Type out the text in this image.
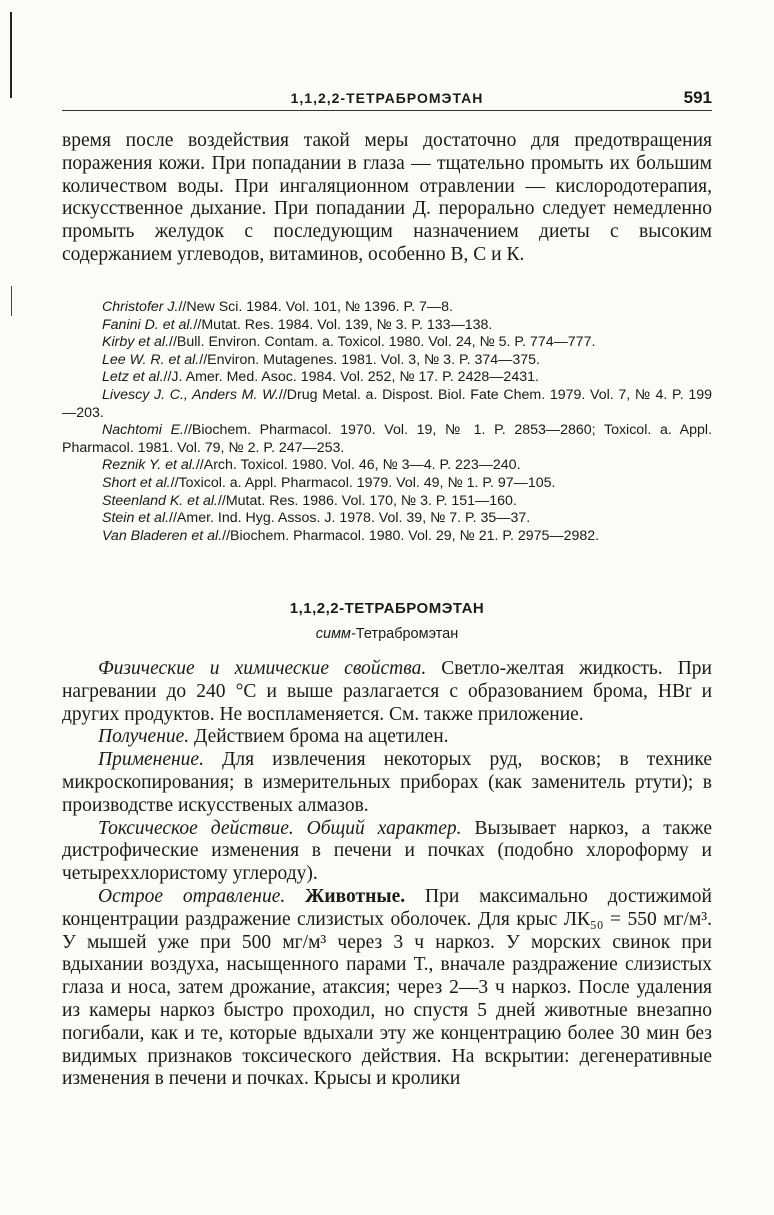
1,1,2,2-ТЕТРАБРОМЭТАН	591

время после воздействия такой меры достаточно для предотвращения поражения кожи. При попадании в глаза — тщательно промыть их большим количеством воды. При ингаляционном отравлении — кислородотерапия, искусственное дыхание. При попадании Д. перорально следует немедленно промыть желудок с последующим назначением диеты с высоким содержанием углеводов, витаминов, особенно В, С и К.

Christofer J.//New Sci. 1984. Vol. 101, № 1396. P. 7—8.

Fanini D. et al.//Mutat. Res. 1984. Vol. 139, № 3. P. 133—138.

Kirby et al.//Bull. Environ. Contam. a. Toxicol. 1980. Vol. 24, № 5. P. 774—777.

Lee W. R. et al.//Environ. Mutagenes. 1981. Vol. 3, № 3. P. 374—375.

Letz et al.//J. Amer. Med. Asoc. 1984. Vol. 252, № 17. P. 2428—2431.

Livescy J. C., Anders M. W.//Drug Metal. a. Dispost. Biol. Fate Chem. 1979. Vol. 7, № 4. P. 199—203.

Nachtomi E.//Biochem. Pharmacol. 1970. Vol. 19, № 1. P. 2853—2860; Toxicol. a. Appl. Pharmacol. 1981. Vol. 79, № 2. P. 247—253.

Reznik Y. et al.//Arch. Toxicol. 1980. Vol. 46, № 3—4. P. 223—240.

Short et al.//Toxicol. a. Appl. Pharmacol. 1979. Vol. 49, № 1. P. 97—105.

Steenland K. et al.//Mutat. Res. 1986. Vol. 170, № 3. P. 151—160.

Stein et al.//Amer. Ind. Hyg. Assos. J. 1978. Vol. 39, № 7. P. 35—37.

Van Bladeren et al.//Biochem. Pharmacol. 1980. Vol. 29, № 21. P. 2975—2982.

1,1,2,2-ТЕТРАБРОМЭТАН
симм-Тетрабромэтан

Физические и химические свойства. Светло-желтая жидкость. При нагревании до 240 °С и выше разлагается с образованием брома, HBr и других продуктов. Не воспламеняется. См. также приложение.

Получение. Действием брома на ацетилен.

Применение. Для извлечения некоторых руд, восков; в технике микроскопирования; в измерительных приборах (как заменитель ртути); в производстве искусственых алмазов.

Токсическое действие. Общий характер. Вызывает наркоз, а также дистрофические изменения в печени и почках (подобно хлороформу и четыреххлористому углероду).

Острое отравление. Животные. При максимально достижимой концентрации раздражение слизистых оболочек. Для крыс ЛК₅₀ = 550 мг/м³. У мышей уже при 500 мг/м³ через 3 ч наркоз. У морских свинок при вдыхании воздуха, насыщенного парами Т., вначале раздражение слизистых глаза и носа, затем дрожание, атаксия; через 2—3 ч наркоз. После удаления из камеры наркоз быстро проходил, но спустя 5 дней животные внезапно погибали, как и те, которые вдыхали эту же концентрацию более 30 мин без видимых признаков токсического действия. На вскрытии: дегенеративные изменения в печени и почках. Крысы и кролики
